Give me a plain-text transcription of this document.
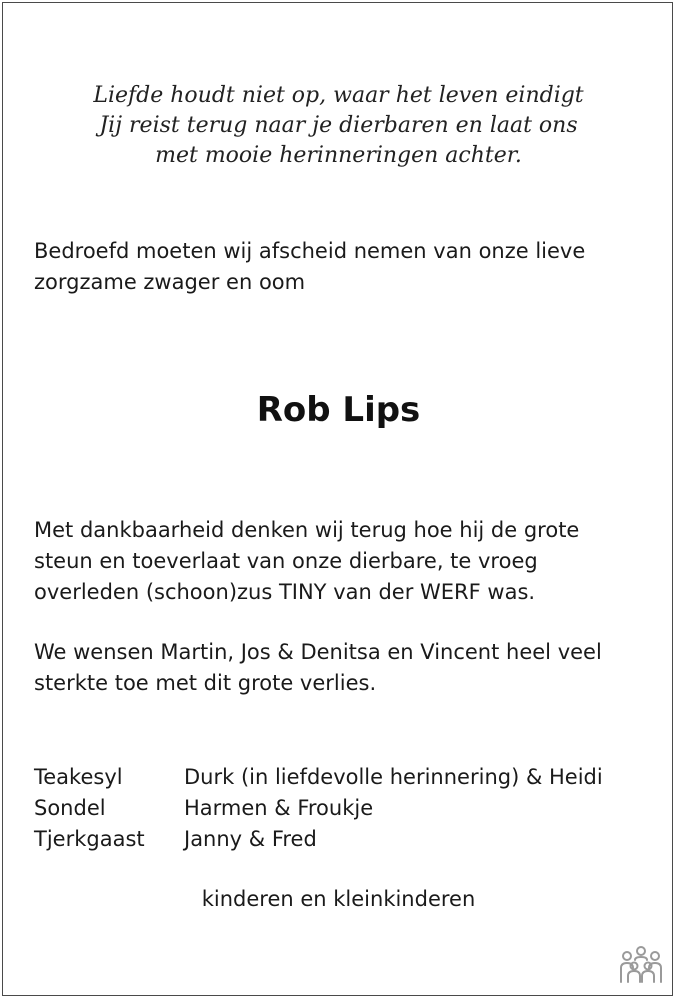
Liefde houdt niet op, waar het leven eindigt
Jij reist terug naar je dierbaren en laat ons
met mooie herinneringen achter.
Bedroefd moeten wij afscheid nemen van onze lieve
zorgzame zwager en oom
Rob Lips
Met dankbaarheid denken wij terug hoe hij de grote
steun en toeverlaat van onze dierbare, te vroeg
overleden (schoon)zus TINY van der WERF was.
We wensen Martin, Jos & Denitsa en Vincent heel veel
sterkte toe met dit grote verlies.
Teakesyl	Durk (in liefdevolle herinnering) & Heidi
Sondel	Harmen & Froukje
Tjerkgaast	Janny & Fred
kinderen en kleinkinderen
